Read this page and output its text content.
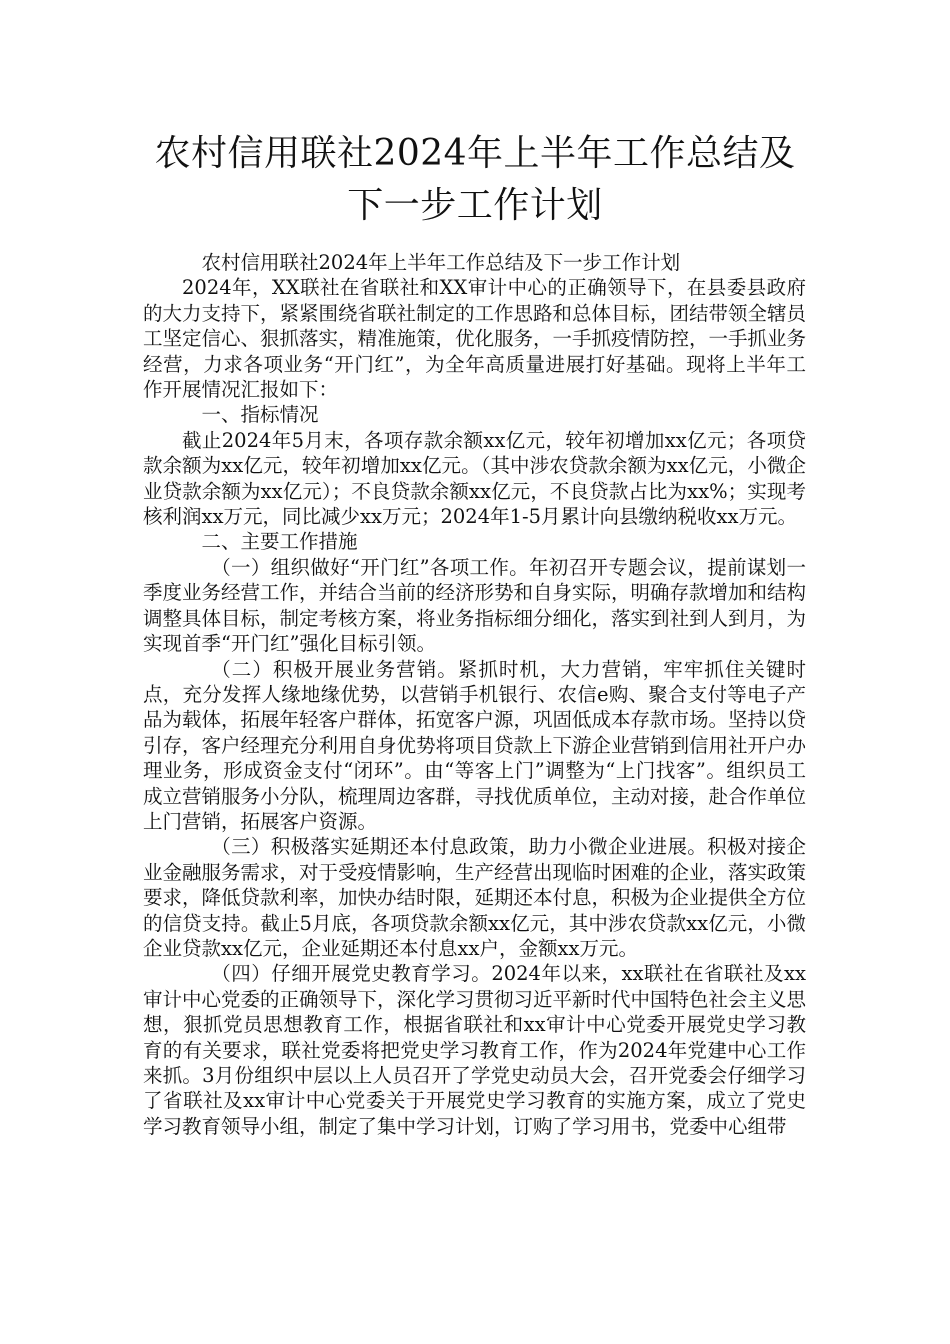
农村信用联社2024年上半年工作总结及下一步工作计划

农村信用联社2024年上半年工作总结及下一步工作计划

2024年，XX联社在省联社和XX审计中心的正确领导下，在县委县政府的大力支持下，紧紧围绕省联社制定的工作思路和总体目标，团结带领全辖员工坚定信心、狠抓落实，精准施策，优化服务，一手抓疫情防控，一手抓业务经营，力求各项业务“开门红”，为全年高质量进展打好基础。现将上半年工作开展情况汇报如下：

一、指标情况

截止2024年5月末，各项存款余额xx亿元，较年初增加xx亿元；各项贷款余额为xx亿元，较年初增加xx亿元。（其中涉农贷款余额为xx亿元，小微企业贷款余额为xx亿元）；不良贷款余额xx亿元，不良贷款占比为xx%；实现考核利润xx万元，同比减少xx万元；2024年1-5月累计向县缴纳税收xx万元。

二、主要工作措施

（一）组织做好“开门红”各项工作。年初召开专题会议，提前谋划一季度业务经营工作，并结合当前的经济形势和自身实际，明确存款增加和结构调整具体目标，制定考核方案，将业务指标细分细化，落实到社到人到月，为实现首季“开门红”强化目标引领。

（二）积极开展业务营销。紧抓时机，大力营销，牢牢抓住关键时点，充分发挥人缘地缘优势，以营销手机银行、农信e购、聚合支付等电子产品为载体，拓展年轻客户群体，拓宽客户源，巩固低成本存款市场。坚持以贷引存，客户经理充分利用自身优势将项目贷款上下游企业营销到信用社开户办理业务，形成资金支付“闭环”。由“等客上门”调整为“上门找客”。组织员工成立营销服务小分队，梳理周边客群，寻找优质单位，主动对接，赴合作单位上门营销，拓展客户资源。

（三）积极落实延期还本付息政策，助力小微企业进展。积极对接企业金融服务需求，对于受疫情影响，生产经营出现临时困难的企业，落实政策要求，降低贷款利率，加快办结时限，延期还本付息，积极为企业提供全方位的信贷支持。截止5月底，各项贷款余额xx亿元，其中涉农贷款xx亿元，小微企业贷款xx亿元，企业延期还本付息xx户，金额xx万元。

（四）仔细开展党史教育学习。2024年以来，xx联社在省联社及xx审计中心党委的正确领导下，深化学习贯彻习近平新时代中国特色社会主义思想，狠抓党员思想教育工作，根据省联社和xx审计中心党委开展党史学习教育的有关要求，联社党委将把党史学习教育工作，作为2024年党建中心工作来抓。3月份组织中层以上人员召开了学党史动员大会，召开党委会仔细学习了省联社及xx审计中心党委关于开展党史学习教育的实施方案，成立了党史学习教育领导小组，制定了集中学习计划，订购了学习用书，党委中心组带
